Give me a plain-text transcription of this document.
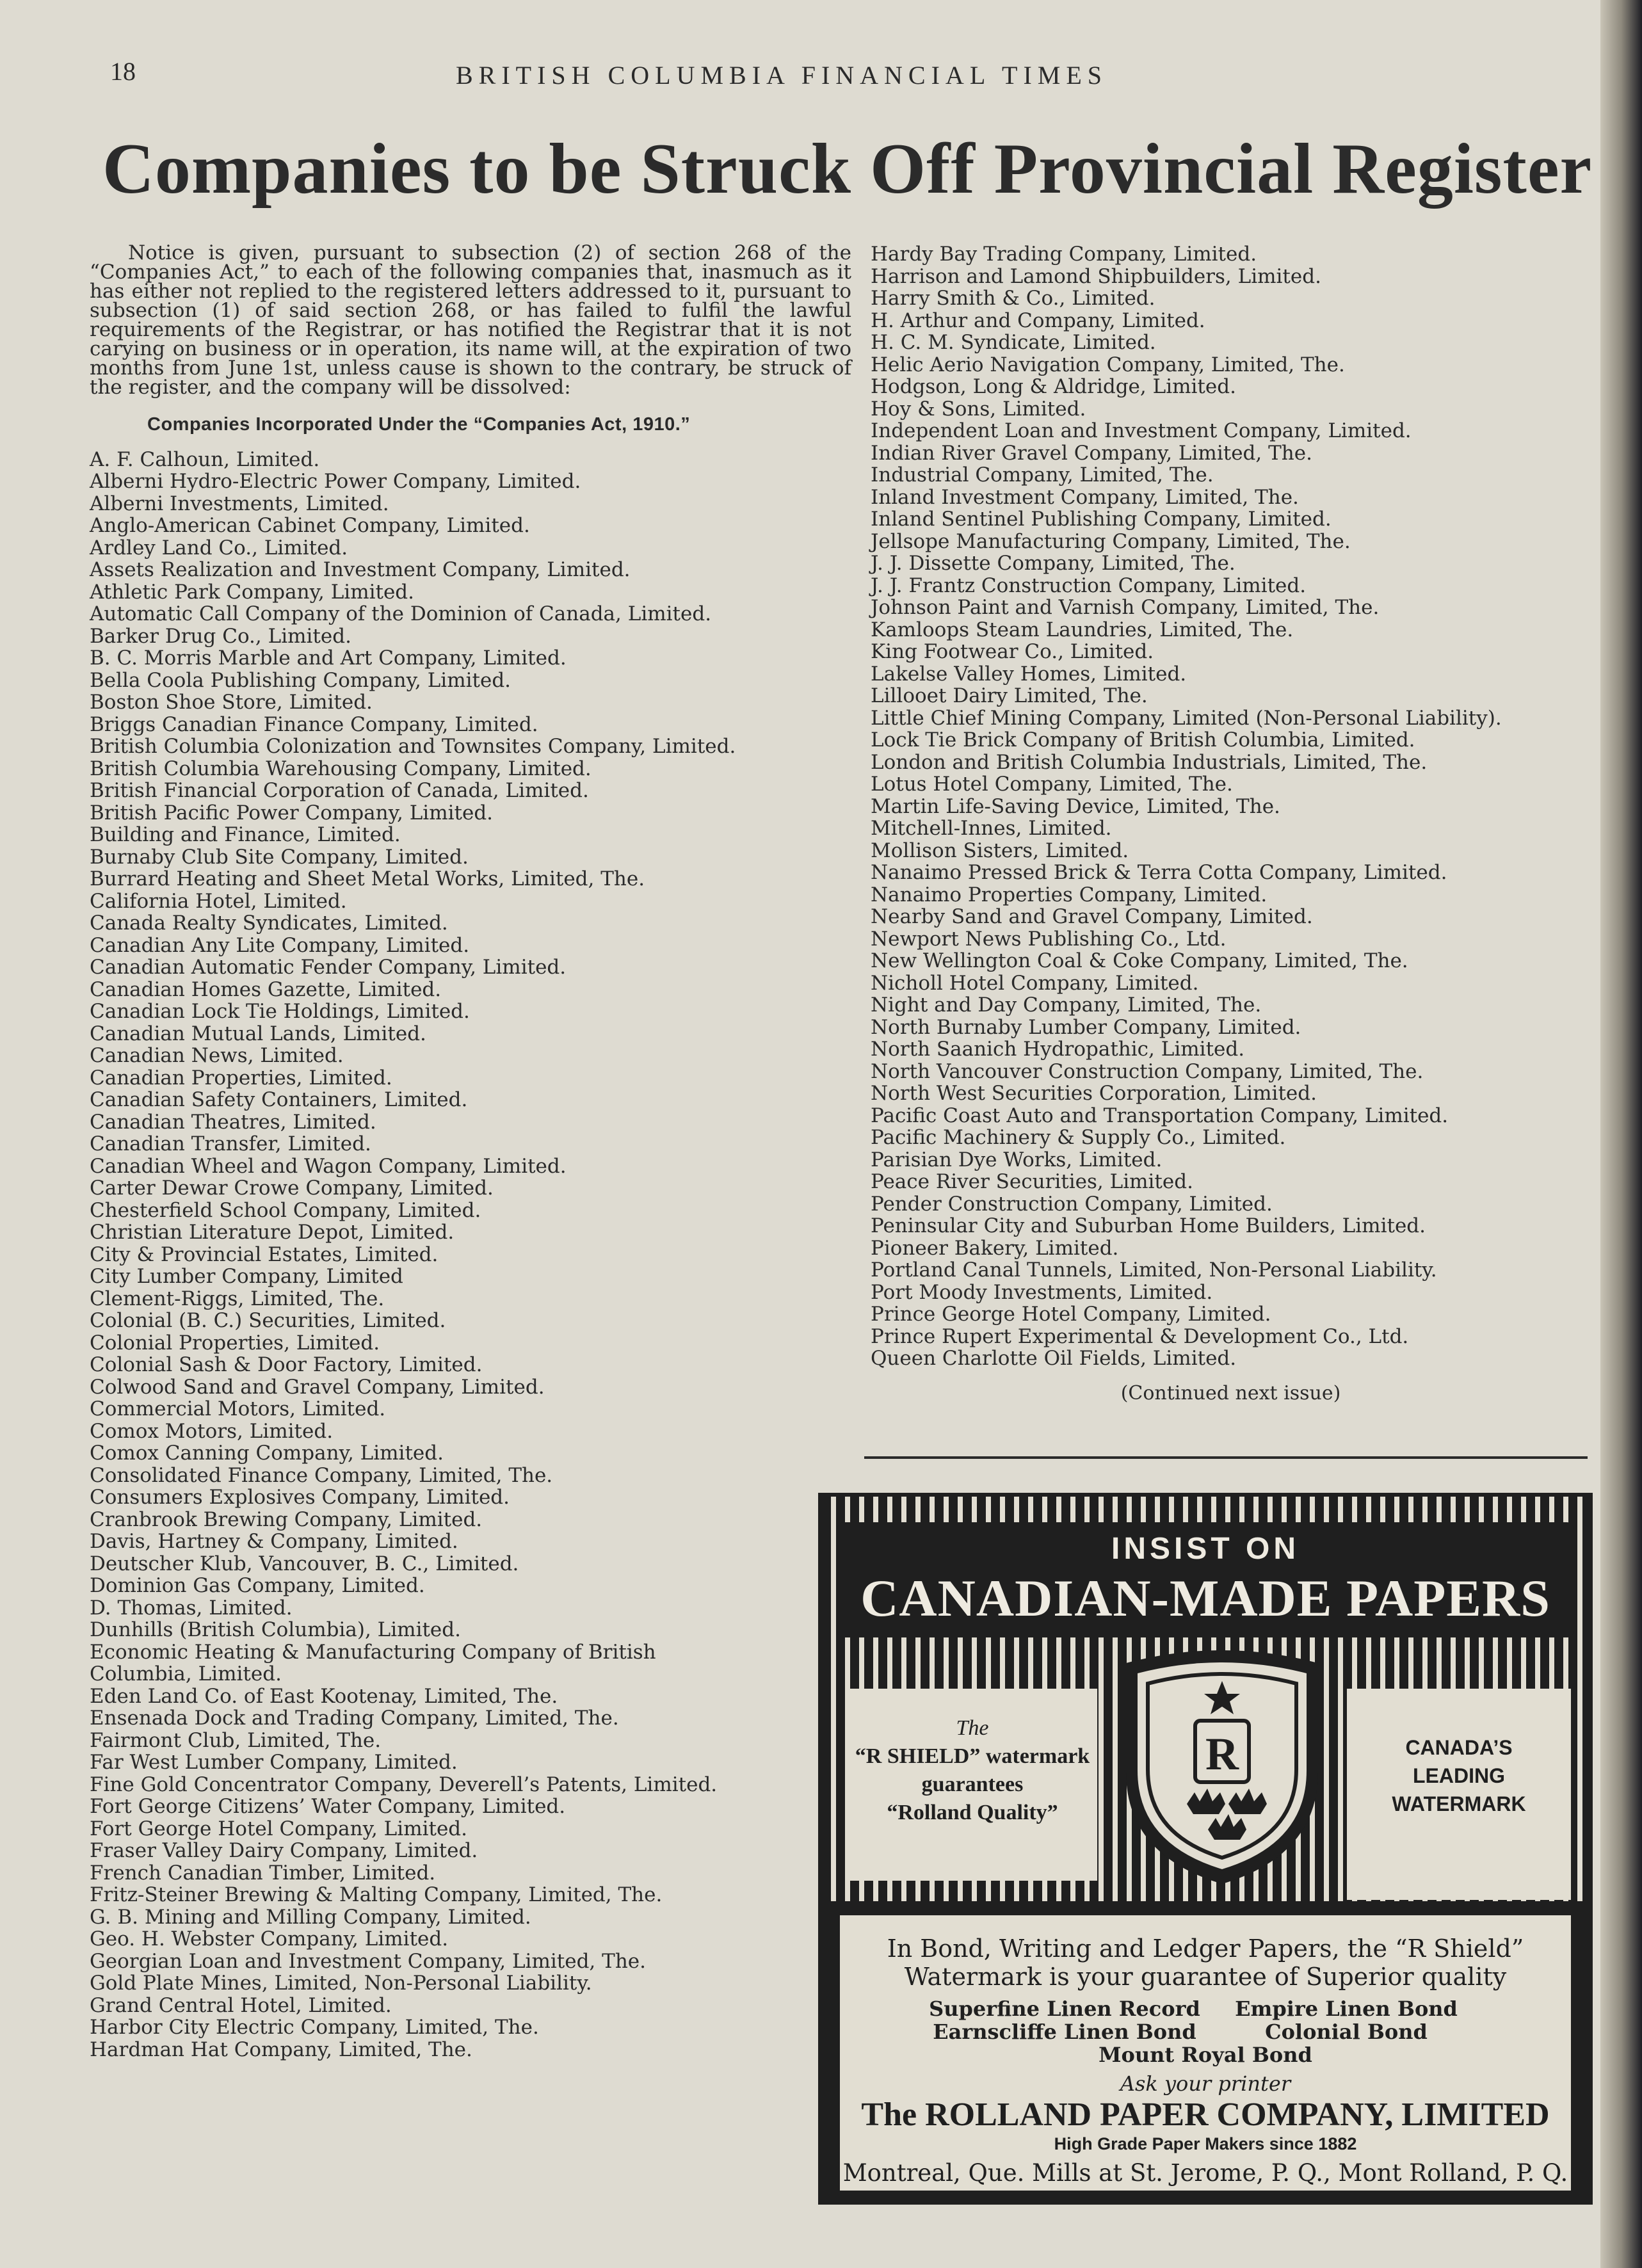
18	BRITISH COLUMBIA FINANCIAL TIMES
Companies to be Struck Off Provincial Register

Notice is given, pursuant to subsection (2) of section 268 of the “Companies Act,” to each of the following companies that, inasmuch as it has either not replied to the registered letters addressed to it, pursuant to subsection (1) of said section 268, or has failed to fulfil the lawful requirements of the Registrar, or has notified the Registrar that it is not carying on business or in operation, its name will, at the expiration of two months from June 1st, unless cause is shown to the contrary, be struck of the register, and the company will be dissolved:

Companies Incorporated Under the “Companies Act, 1910.”
A. F. Calhoun, Limited.
Alberni Hydro-Electric Power Company, Limited.
Alberni Investments, Limited.
Anglo-American Cabinet Company, Limited.
Ardley Land Co., Limited.
Assets Realization and Investment Company, Limited.
Athletic Park Company, Limited.
Automatic Call Company of the Dominion of Canada, Limited.
Barker Drug Co., Limited.
B. C. Morris Marble and Art Company, Limited.
Bella Coola Publishing Company, Limited.
Boston Shoe Store, Limited.
Briggs Canadian Finance Company, Limited.
British Columbia Colonization and Townsites Company, Limited.
British Columbia Warehousing Company, Limited.
British Financial Corporation of Canada, Limited.
British Pacific Power Company, Limited.
Building and Finance, Limited.
Burnaby Club Site Company, Limited.
Burrard Heating and Sheet Metal Works, Limited, The.
California Hotel, Limited.
Canada Realty Syndicates, Limited.
Canadian Any Lite Company, Limited.
Canadian Automatic Fender Company, Limited.
Canadian Homes Gazette, Limited.
Canadian Lock Tie Holdings, Limited.
Canadian Mutual Lands, Limited.
Canadian News, Limited.
Canadian Properties, Limited.
Canadian Safety Containers, Limited.
Canadian Theatres, Limited.
Canadian Transfer, Limited.
Canadian Wheel and Wagon Company, Limited.
Carter Dewar Crowe Company, Limited.
Chesterfield School Company, Limited.
Christian Literature Depot, Limited.
City & Provincial Estates, Limited.
City Lumber Company, Limited
Clement-Riggs, Limited, The.
Colonial (B. C.) Securities, Limited.
Colonial Properties, Limited.
Colonial Sash & Door Factory, Limited.
Colwood Sand and Gravel Company, Limited.
Commercial Motors, Limited.
Comox Motors, Limited.
Comox Canning Company, Limited.
Consolidated Finance Company, Limited, The.
Consumers Explosives Company, Limited.
Cranbrook Brewing Company, Limited.
Davis, Hartney & Company, Limited.
Deutscher Klub, Vancouver, B. C., Limited.
Dominion Gas Company, Limited.
D. Thomas, Limited.
Dunhills (British Columbia), Limited.
Economic Heating & Manufacturing Company of British
Columbia, Limited.
Eden Land Co. of East Kootenay, Limited, The.
Ensenada Dock and Trading Company, Limited, The.
Fairmont Club, Limited, The.
Far West Lumber Company, Limited.
Fine Gold Concentrator Company, Deverell’s Patents, Limited.
Fort George Citizens’ Water Company, Limited.
Fort George Hotel Company, Limited.
Fraser Valley Dairy Company, Limited.
French Canadian Timber, Limited.
Fritz-Steiner Brewing & Malting Company, Limited, The.
G. B. Mining and Milling Company, Limited.
Geo. H. Webster Company, Limited.
Georgian Loan and Investment Company, Limited, The.
Gold Plate Mines, Limited, Non-Personal Liability.
Grand Central Hotel, Limited.
Harbor City Electric Company, Limited, The.
Hardman Hat Company, Limited, The.
Hardy Bay Trading Company, Limited.
Harrison and Lamond Shipbuilders, Limited.
Harry Smith & Co., Limited.
H. Arthur and Company, Limited.
H. C. M. Syndicate, Limited.
Helic Aerio Navigation Company, Limited, The.
Hodgson, Long & Aldridge, Limited.
Hoy & Sons, Limited.
Independent Loan and Investment Company, Limited.
Indian River Gravel Company, Limited, The.
Industrial Company, Limited, The.
Inland Investment Company, Limited, The.
Inland Sentinel Publishing Company, Limited.
Jellsope Manufacturing Company, Limited, The.
J. J. Dissette Company, Limited, The.
J. J. Frantz Construction Company, Limited.
Johnson Paint and Varnish Company, Limited, The.
Kamloops Steam Laundries, Limited, The.
King Footwear Co., Limited.
Lakelse Valley Homes, Limited.
Lillooet Dairy Limited, The.
Little Chief Mining Company, Limited (Non-Personal Liability).
Lock Tie Brick Company of British Columbia, Limited.
London and British Columbia Industrials, Limited, The.
Lotus Hotel Company, Limited, The.
Martin Life-Saving Device, Limited, The.
Mitchell-Innes, Limited.
Mollison Sisters, Limited.
Nanaimo Pressed Brick & Terra Cotta Company, Limited.
Nanaimo Properties Company, Limited.
Nearby Sand and Gravel Company, Limited.
Newport News Publishing Co., Ltd.
New Wellington Coal & Coke Company, Limited, The.
Nicholl Hotel Company, Limited.
Night and Day Company, Limited, The.
North Burnaby Lumber Company, Limited.
North Saanich Hydropathic, Limited.
North Vancouver Construction Company, Limited, The.
North West Securities Corporation, Limited.
Pacific Coast Auto and Transportation Company, Limited.
Pacific Machinery & Supply Co., Limited.
Parisian Dye Works, Limited.
Peace River Securities, Limited.
Pender Construction Company, Limited.
Peninsular City and Suburban Home Builders, Limited.
Pioneer Bakery, Limited.
Portland Canal Tunnels, Limited, Non-Personal Liability.
Port Moody Investments, Limited.
Prince George Hotel Company, Limited.
Prince Rupert Experimental & Development Co., Ltd.
Queen Charlotte Oil Fields, Limited.
(Continued next issue)
INSIST ON
CANADIAN-MADE PAPERS
The
“R SHIELD” watermark
guarantees
“Rolland Quality”
R	CANADA’S
LEADING
WATERMARK
In Bond, Writing and Ledger Papers, the “R Shield”
Watermark is your guarantee of Superior quality
Superfine Linen Record	Empire Linen Bond
Earnscliffe Linen Bond	Colonial Bond
Mount Royal Bond
Ask your printer
The ROLLAND PAPER COMPANY, LIMITED
High Grade Paper Makers since 1882
Montreal, Que. Mills at St. Jerome, P. Q., Mont Rolland, P. Q.
